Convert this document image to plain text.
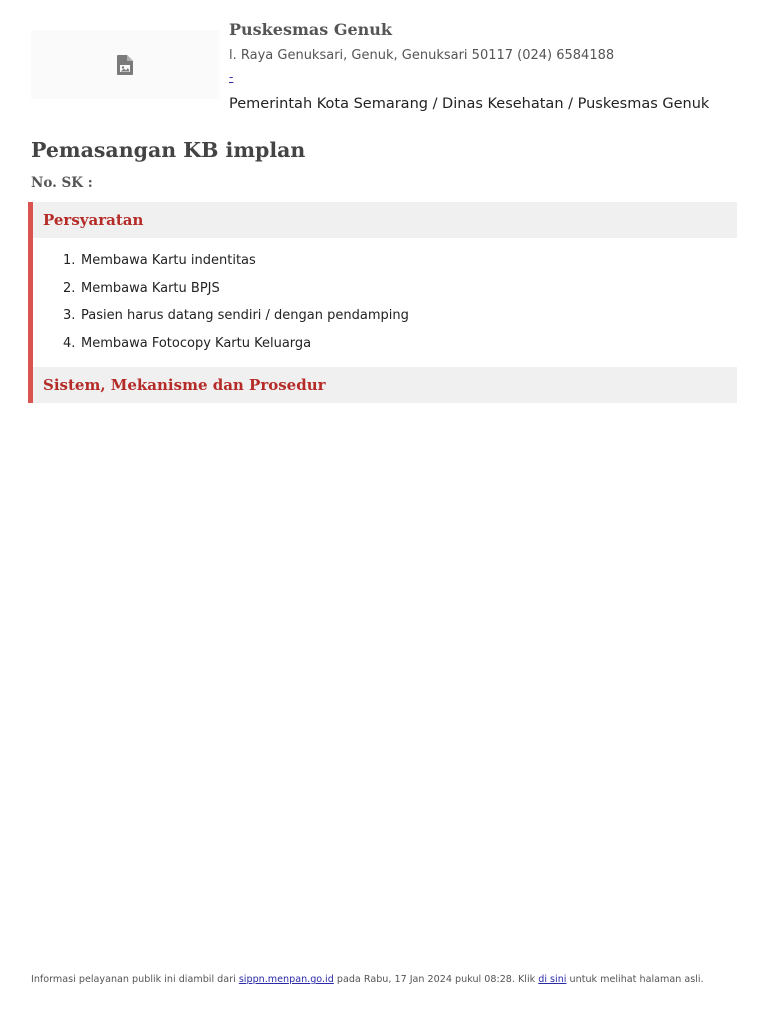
Puskesmas Genuk
l. Raya Genuksari, Genuk, Genuksari 50117 (024) 6584188
-
Pemerintah Kota Semarang / Dinas Kesehatan / Puskesmas Genuk
Pemasangan KB implan
No. SK :
Persyaratan
1. Membawa Kartu indentitas
2. Membawa Kartu BPJS
3. Pasien harus datang sendiri / dengan pendamping
4. Membawa Fotocopy Kartu Keluarga
Sistem, Mekanisme dan Prosedur
Informasi pelayanan publik ini diambil dari sippn.menpan.go.id pada Rabu, 17 Jan 2024 pukul 08:28. Klik di sini untuk melihat halaman asli.
